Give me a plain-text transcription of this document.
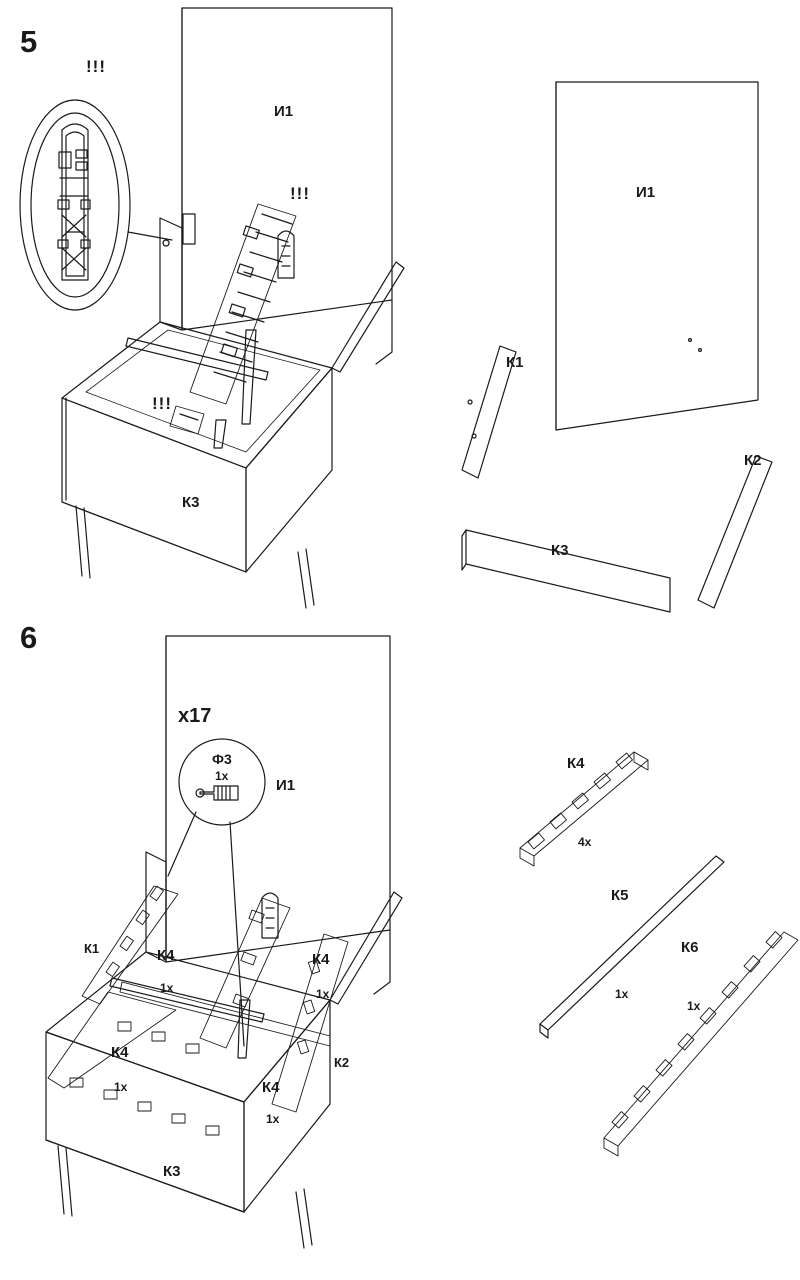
5
!!!
И1
!!!
!!!
К3
И1
К1
К2
К3
6
x17
Ф3
1x
И1
К1	К4
1x
К4
1x
К4
1x	К4
1x
К2
К3
К4
4x
К5
1x
К6
1x
